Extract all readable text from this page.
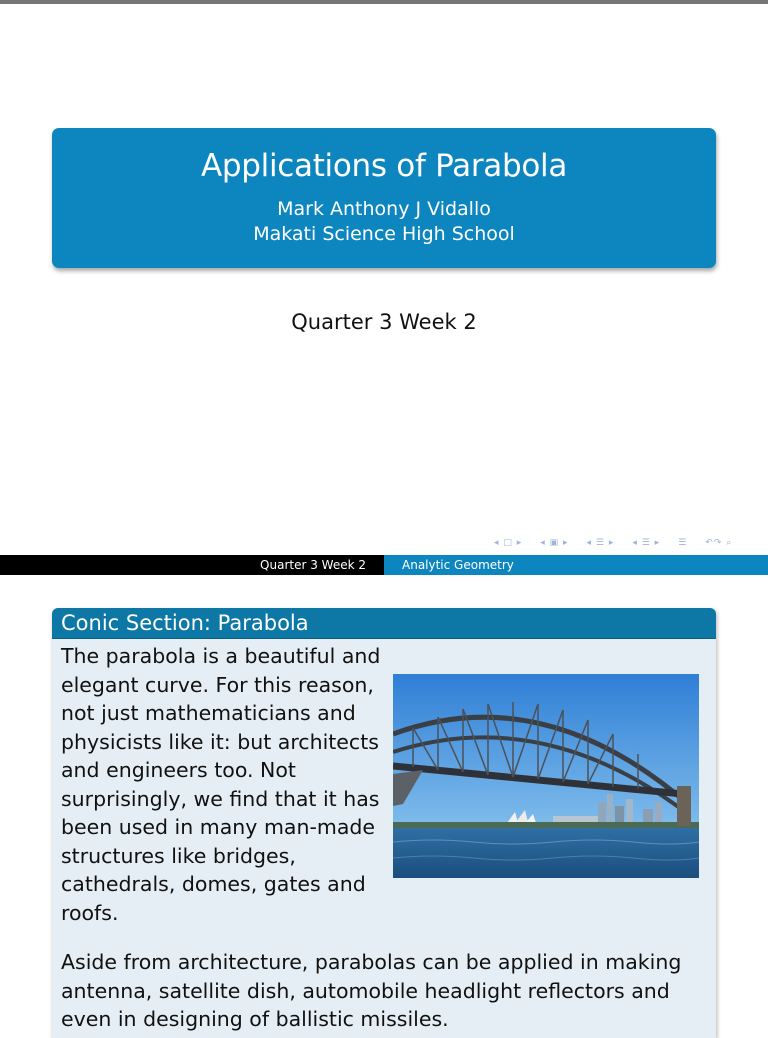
Applications of Parabola
Mark Anthony J Vidallo
Makati Science High School
Quarter 3 Week 2
◂ □ ▸ ◂ ▣ ▸ ◂ ☰ ▸ ◂ ☰ ▸ ☰ ↶↷ ⌕
Quarter 3 Week 2	Analytic Geometry
Conic Section: Parabola

The parabola is a beautiful and elegant curve. For this reason, not just mathematicians and physicists like it: but architects and engineers too. Not surprisingly, we find that it has been used in many man-made structures like bridges, cathedrals, domes, gates and roofs.

Aside from architecture, parabolas can be applied in making antenna, satellite dish, automobile headlight reflectors and even in designing of ballistic missiles.
